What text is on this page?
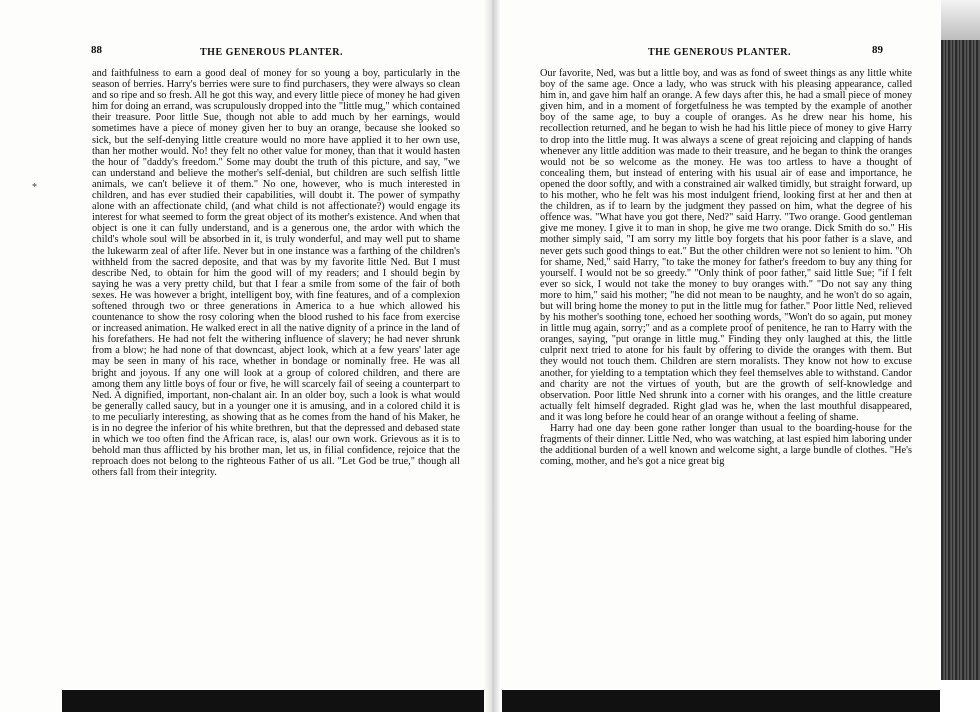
88	THE GENEROUS PLANTER.

and faithfulness to earn a good deal of money for so young a boy, particularly in the season of berries. Harry's berries were sure to find purchasers, they were always so clean and so ripe and so fresh. All he got this way, and every little piece of money he had given him for doing an errand, was scrupulously dropped into the "little mug," which contained their treasure. Poor little Sue, though not able to add much by her earnings, would sometimes have a piece of money given her to buy an orange, because she looked so sick, but the self-denying little creature would no more have applied it to her own use, than her mother would. No! they felt no other value for money, than that it would hasten the hour of "daddy's freedom." Some may doubt the truth of this picture, and say, "we can understand and believe the mother's self-denial, but children are such selfish little animals, we can't believe it of them." No one, however, who is much interested in children, and has ever studied their capabilities, will doubt it. The power of sympathy alone with an affectionate child, (and what child is not affectionate?) would engage its interest for what seemed to form the great object of its mother's existence. And when that object is one it can fully understand, and is a generous one, the ardor with which the child's whole soul will be absorbed in it, is truly wonderful, and may well put to shame the lukewarm zeal of after life. Never but in one instance was a farthing of the children's withheld from the sacred deposite, and that was by my favorite little Ned. But I must describe Ned, to obtain for him the good will of my readers; and I should begin by saying he was a very pretty child, but that I fear a smile from some of the fair of both sexes. He was however a bright, intelligent boy, with fine features, and of a complexion softened through two or three generations in America to a hue which allowed his countenance to show the rosy coloring when the blood rushed to his face from exercise or increased animation. He walked erect in all the native dignity of a prince in the land of his forefathers. He had not felt the withering influence of slavery; he had never shrunk from a blow; he had none of that downcast, abject look, which at a few years' later age may be seen in many of his race, whether in bondage or nominally free. He was all bright and joyous. If any one will look at a group of colored children, and there are among them any little boys of four or five, he will scarcely fail of seeing a counterpart to Ned. A dignified, important, non-chalant air. In an older boy, such a look is what would be generally called saucy, but in a younger one it is amusing, and in a colored child it is to me peculiarly interesting, as showing that as he comes from the hand of his Maker, he is in no degree the inferior of his white brethren, but that the depressed and debased state in which we too often find the African race, is, alas! our own work. Grievous as it is to behold man thus afflicted by his brother man, let us, in filial confidence, rejoice that the reproach does not belong to the righteous Father of us all. "Let God be true," though all others fall from their integrity.

*
THE GENEROUS PLANTER.	89

Our favorite, Ned, was but a little boy, and was as fond of sweet things as any little white boy of the same age. Once a lady, who was struck with his pleasing appearance, called him in, and gave him half an orange. A few days after this, he had a small piece of money given him, and in a moment of forgetfulness he was tempted by the example of another boy of the same age, to buy a couple of oranges. As he drew near his home, his recollection returned, and he began to wish he had his little piece of money to give Harry to drop into the little mug. It was always a scene of great rejoicing and clapping of hands whenever any little addition was made to their treasure, and he began to think the oranges would not be so welcome as the money. He was too artless to have a thought of concealing them, but instead of entering with his usual air of ease and importance, he opened the door softly, and with a constrained air walked timidly, but straight forward, up to his mother, who he felt was his most indulgent friend, looking first at her and then at the children, as if to learn by the judgment they passed on him, what the degree of his offence was. "What have you got there, Ned?" said Harry. "Two orange. Good gentleman give me money. I give it to man in shop, he give me two orange. Dick Smith do so." His mother simply said, "I am sorry my little boy forgets that his poor father is a slave, and never gets such good things to eat." But the other children were not so lenient to him. "Oh for shame, Ned," said Harry, "to take the money for father's freedom to buy any thing for yourself. I would not be so greedy." "Only think of poor father," said little Sue; "if I felt ever so sick, I would not take the money to buy oranges with." "Do not say any thing more to him," said his mother; "he did not mean to be naughty, and he won't do so again, but will bring home the money to put in the little mug for father." Poor little Ned, relieved by his mother's soothing tone, echoed her soothing words, "Won't do so again, put money in little mug again, sorry;" and as a complete proof of penitence, he ran to Harry with the oranges, saying, "put orange in little mug." Finding they only laughed at this, the little culprit next tried to atone for his fault by offering to divide the oranges with them. But they would not touch them. Children are stern moralists. They know not how to excuse another, for yielding to a temptation which they feel themselves able to withstand. Candor and charity are not the virtues of youth, but are the growth of self-knowledge and observation. Poor little Ned shrunk into a corner with his oranges, and the little creature actually felt himself degraded. Right glad was he, when the last mouthful disappeared, and it was long before he could hear of an orange without a feeling of shame.

Harry had one day been gone rather longer than usual to the boarding-house for the fragments of their dinner. Little Ned, who was watching, at last espied him laboring under the additional burden of a well known and welcome sight, a large bundle of clothes. "He's coming, mother, and he's got a nice great big
